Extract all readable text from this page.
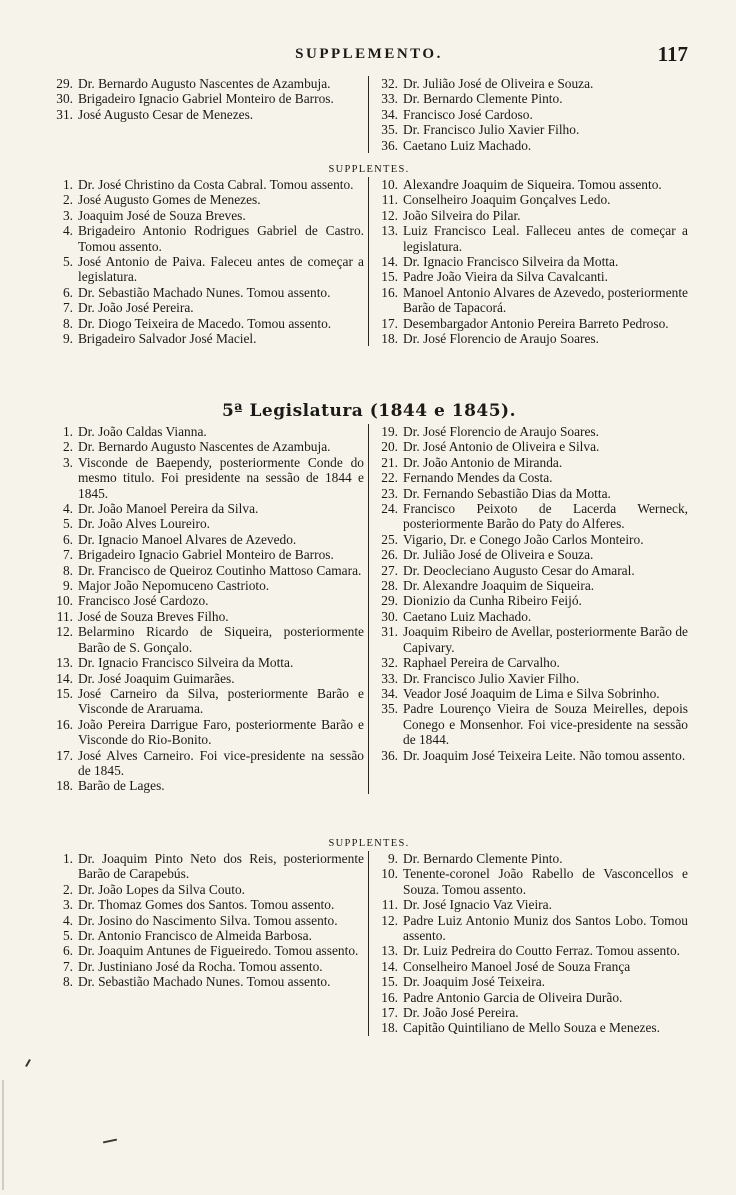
SUPPLEMENTO.	117
29. Dr. Bernardo Augusto Nascentes de Azambuja.
30. Brigadeiro Ignacio Gabriel Monteiro de Barros.
31. José Augusto Cesar de Menezes.
32. Dr. Julião José de Oliveira e Souza.
33. Dr. Bernardo Clemente Pinto.
34. Francisco José Cardoso.
35. Dr. Francisco Julio Xavier Filho.
36. Caetano Luiz Machado.
SUPPLENTES.
1. Dr. José Christino da Costa Cabral. Tomou assento.
2. José Augusto Gomes de Menezes.
3. Joaquim José de Souza Breves.
4. Brigadeiro Antonio Rodrigues Gabriel de Castro. Tomou assento.
5. José Antonio de Paiva. Faleceu antes de começar a legislatura.
6. Dr. Sebastião Machado Nunes. Tomou assento.
7. Dr. João José Pereira.
8. Dr. Diogo Teixeira de Macedo. Tomou assento.
9. Brigadeiro Salvador José Maciel.
10. Alexandre Joaquim de Siqueira. Tomou assento.
11. Conselheiro Joaquim Gonçalves Ledo.
12. João Silveira do Pilar.
13. Luiz Francisco Leal. Falleceu antes de começar a legislatura.
14. Dr. Ignacio Francisco Silveira da Motta.
15. Padre João Vieira da Silva Cavalcanti.
16. Manoel Antonio Alvares de Azevedo, posteriormente Barão de Tapacorá.
17. Desembargador Antonio Pereira Barreto Pedroso.
18. Dr. José Florencio de Araujo Soares.
5ª Legislatura (1844 e 1845).
1. Dr. João Caldas Vianna.
2. Dr. Bernardo Augusto Nascentes de Azambuja.
3. Visconde de Baependy, posteriormente Conde do mesmo titulo. Foi presidente na sessão de 1844 e 1845.
4. Dr. João Manoel Pereira da Silva.
5. Dr. João Alves Loureiro.
6. Dr. Ignacio Manoel Alvares de Azevedo.
7. Brigadeiro Ignacio Gabriel Monteiro de Barros.
8. Dr. Francisco de Queiroz Coutinho Mattoso Camara.
9. Major João Nepomuceno Castrioto.
10. Francisco José Cardozo.
11. José de Souza Breves Filho.
12. Belarmino Ricardo de Siqueira, posteriormente Barão de S. Gonçalo.
13. Dr. Ignacio Francisco Silveira da Motta.
14. Dr. José Joaquim Guimarães.
15. José Carneiro da Silva, posteriormente Barão e Visconde de Araruama.
16. João Pereira Darrigue Faro, posteriormente Barão e Visconde do Rio-Bonito.
17. José Alves Carneiro. Foi vice-presidente na sessão de 1845.
18. Barão de Lages.
19. Dr. José Florencio de Araujo Soares.
20. Dr. José Antonio de Oliveira e Silva.
21. Dr. João Antonio de Miranda.
22. Fernando Mendes da Costa.
23. Dr. Fernando Sebastião Dias da Motta.
24. Francisco Peixoto de Lacerda Werneck, posteriormente Barão do Paty do Alferes.
25. Vigario, Dr. e Conego João Carlos Monteiro.
26. Dr. Julião José de Oliveira e Souza.
27. Dr. Deocleciano Augusto Cesar do Amaral.
28. Dr. Alexandre Joaquim de Siqueira.
29. Dionizio da Cunha Ribeiro Feijó.
30. Caetano Luiz Machado.
31. Joaquim Ribeiro de Avellar, posteriormente Barão de Capivary.
32. Raphael Pereira de Carvalho.
33. Dr. Francisco Julio Xavier Filho.
34. Veador José Joaquim de Lima e Silva Sobrinho.
35. Padre Lourenço Vieira de Souza Meirelles, depois Conego e Monsenhor. Foi vice-presidente na sessão de 1844.
36. Dr. Joaquim José Teixeira Leite. Não tomou assento.
SUPPLENTES.
1. Dr. Joaquim Pinto Neto dos Reis, posteriormente Barão de Carapebús.
2. Dr. João Lopes da Silva Couto.
3. Dr. Thomaz Gomes dos Santos. Tomou assento.
4. Dr. Josino do Nascimento Silva. Tomou assento.
5. Dr. Antonio Francisco de Almeida Barbosa.
6. Dr. Joaquim Antunes de Figueiredo. Tomou assento.
7. Dr. Justiniano José da Rocha. Tomou assento.
8. Dr. Sebastião Machado Nunes. Tomou assento.
9. Dr. Bernardo Clemente Pinto.
10. Tenente-coronel João Rabello de Vasconcellos e Souza. Tomou assento.
11. Dr. José Ignacio Vaz Vieira.
12. Padre Luiz Antonio Muniz dos Santos Lobo. Tomou assento.
13. Dr. Luiz Pedreira do Coutto Ferraz. Tomou assento.
14. Conselheiro Manoel José de Souza França
15. Dr. Joaquim José Teixeira.
16. Padre Antonio Garcia de Oliveira Durão.
17. Dr. João José Pereira.
18. Capitão Quintiliano de Mello Souza e Menezes.
